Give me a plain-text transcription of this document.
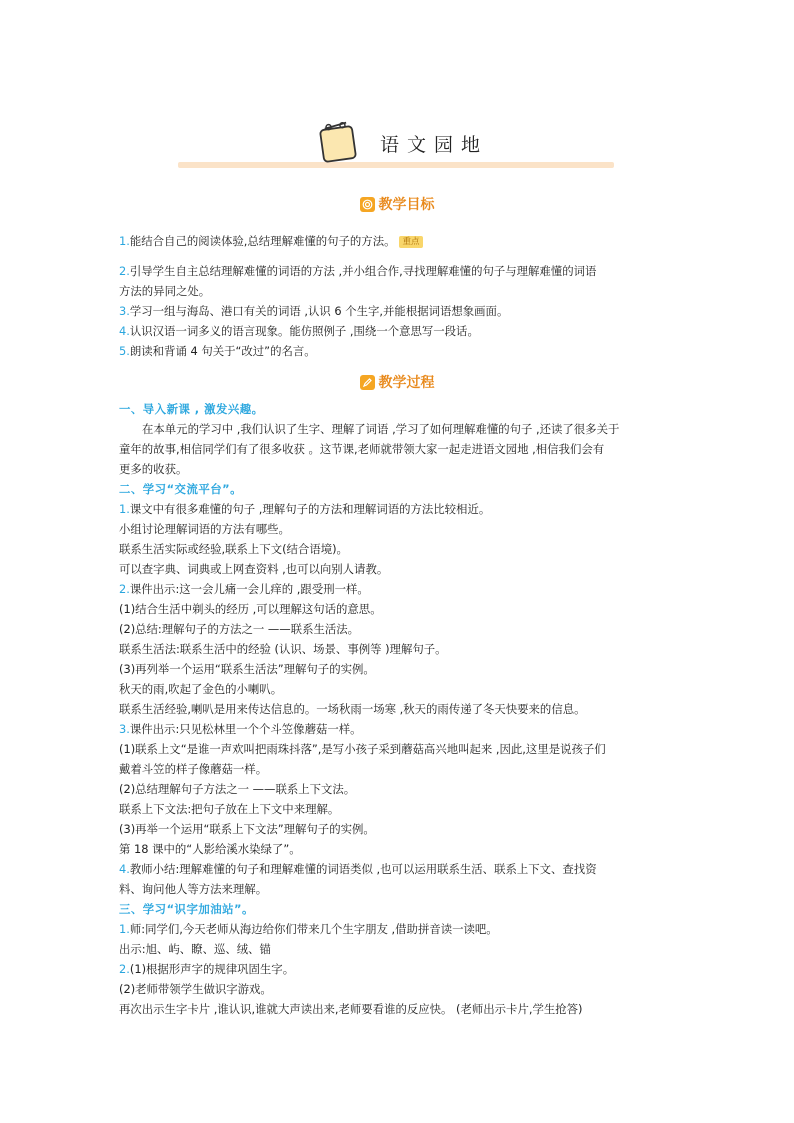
语文园地
教学目标
1.能结合自己的阅读体验,总结理解难懂的句子的方法。 重点
2.引导学生自主总结理解难懂的词语的方法 ,并小组合作,寻找理解难懂的句子与理解难懂的词语
方法的异同之处。
3.学习一组与海岛、港口有关的词语 ,认识 6 个生字,并能根据词语想象画面。
4.认识汉语一词多义的语言现象。能仿照例子 ,围绕一个意思写一段话。
5.朗读和背诵 4 句关于“改过”的名言。
教学过程
一、导入新课 , 激发兴趣。
在本单元的学习中 ,我们认识了生字、理解了词语 ,学习了如何理解难懂的句子 ,还读了很多关于
童年的故事,相信同学们有了很多收获 。这节课,老师就带领大家一起走进语文园地 ,相信我们会有
更多的收获。
二、学习“交流平台”。
1.课文中有很多难懂的句子 ,理解句子的方法和理解词语的方法比较相近。
小组讨论理解词语的方法有哪些。
联系生活实际或经验,联系上下文(结合语境)。
可以查字典、词典或上网查资料 ,也可以向别人请教。
2.课件出示:这一会儿痛一会儿痒的 ,跟受刑一样。
(1)结合生活中剃头的经历 ,可以理解这句话的意思。
(2)总结:理解句子的方法之一 ——联系生活法。
联系生活法:联系生活中的经验 (认识、场景、事例等 )理解句子。
(3)再列举一个运用“联系生活法”理解句子的实例。
秋天的雨,吹起了金色的小喇叭。
联系生活经验,喇叭是用来传达信息的。一场秋雨一场寒 ,秋天的雨传递了冬天快要来的信息。
3.课件出示:只见松林里一个个斗笠像蘑菇一样。
(1)联系上文“是谁一声欢叫把雨珠抖落”,是写小孩子采到蘑菇高兴地叫起来 ,因此,这里是说孩子们
戴着斗笠的样子像蘑菇一样。
(2)总结理解句子方法之一 ——联系上下文法。
联系上下文法:把句子放在上下文中来理解。
(3)再举一个运用“联系上下文法”理解句子的实例。
第 18 课中的“人影给溪水染绿了”。
4.教师小结:理解难懂的句子和理解难懂的词语类似 ,也可以运用联系生活、联系上下文、查找资
料、询问他人等方法来理解。
三、学习“识字加油站”。
1.师:同学们,今天老师从海边给你们带来几个生字朋友 ,借助拼音读一读吧。
出示:旭、屿、瞭、巡、绒、锚
2.(1)根据形声字的规律巩固生字。
(2)老师带领学生做识字游戏。
再次出示生字卡片 ,谁认识,谁就大声读出来,老师要看谁的反应快。 (老师出示卡片,学生抢答)
